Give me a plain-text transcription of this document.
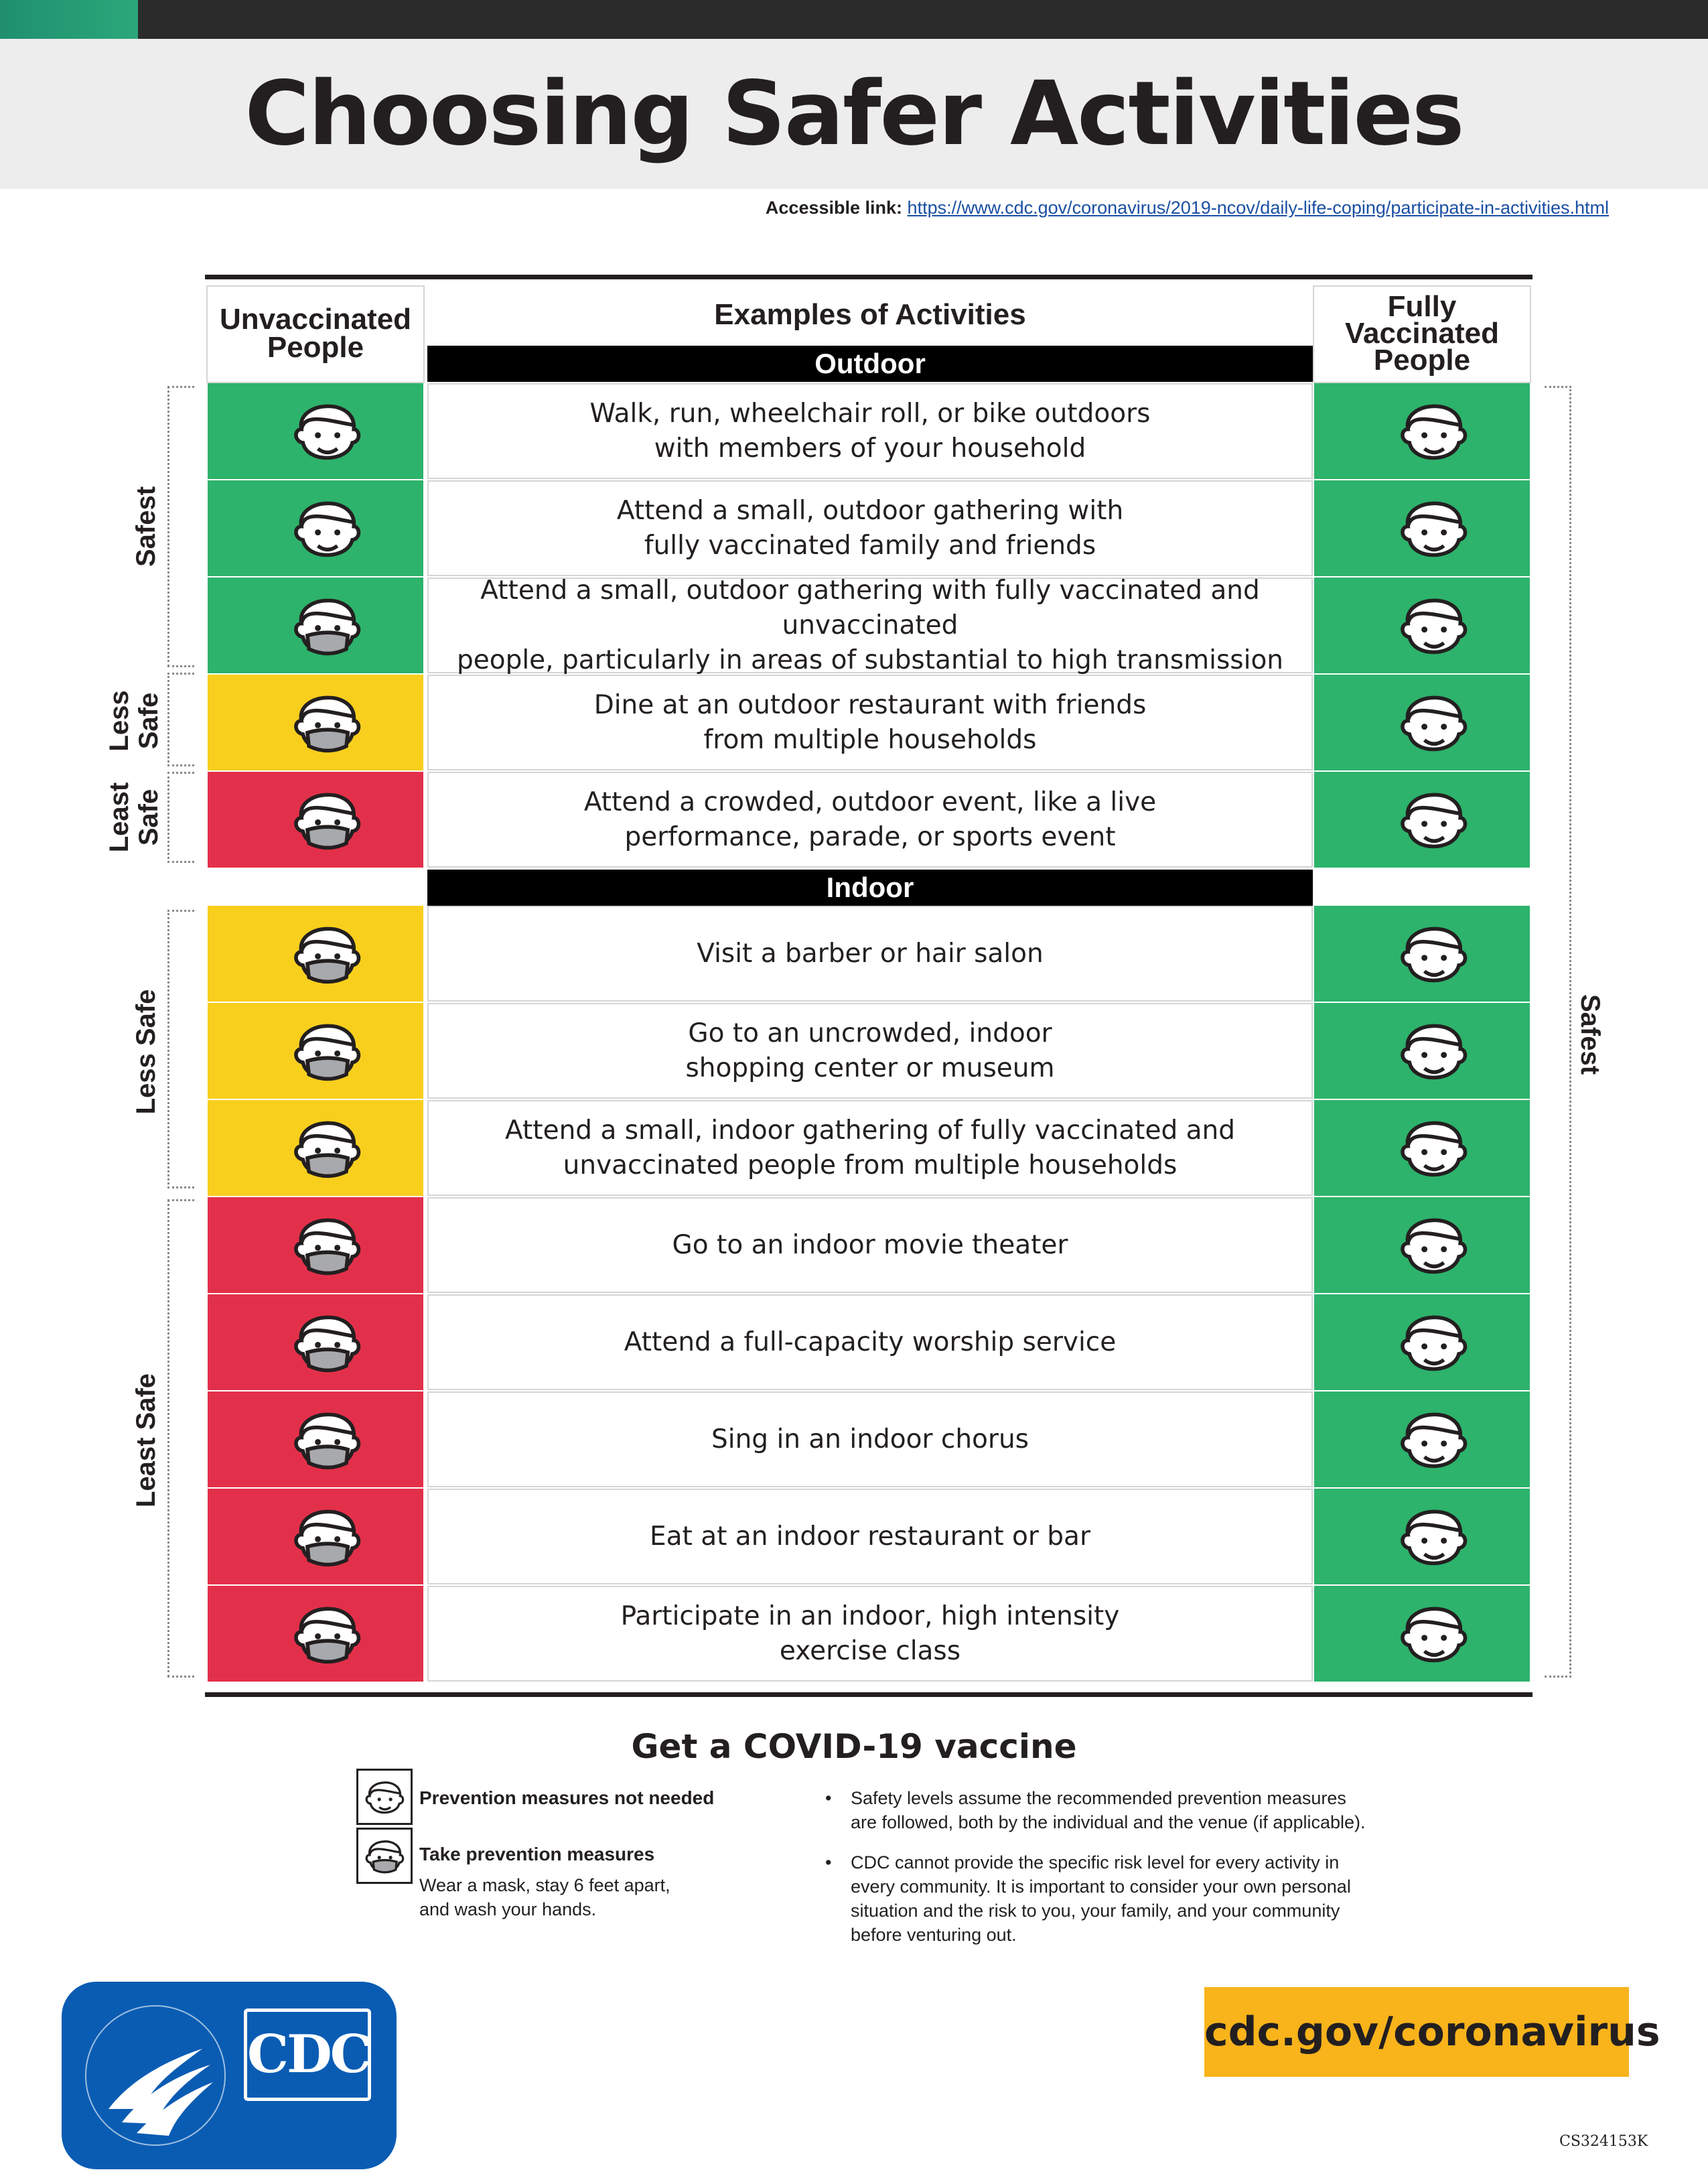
Choosing Safer Activities
Accessible link: https://www.cdc.gov/coronavirus/2019-ncov/daily-life-coping/participate-in-activities.html
Unvaccinated
People
Examples of Activities	Fully
Vaccinated
People
Outdoor
Walk, run, wheelchair roll, or bike outdoors
with members of your household
Attend a small, outdoor gathering with
fully vaccinated family and friends
Attend a small, outdoor gathering with fully vaccinated and unvaccinated
people, particularly in areas of substantial to high transmission
Dine at an outdoor restaurant with friends
from multiple households
Attend a crowded, outdoor event, like a live
performance, parade, or sports event
Indoor
Visit a barber or hair salon
Go to an uncrowded, indoor
shopping center or museum
Attend a small, indoor gathering of fully vaccinated and
unvaccinated people from multiple households
Go to an indoor movie theater
Attend a full-capacity worship service
Sing in an indoor chorus
Eat at an indoor restaurant or bar
Participate in an indoor, high intensity
exercise class
Safest
Less
Safe
Least
Safe
Less Safe
Least Safe
Safest
Get a COVID-19 vaccine
Prevention measures not needed
Take prevention measures
Wear a mask, stay 6 feet apart,
and wash your hands.
• Safety levels assume the recommended prevention measures
are followed, both by the individual and the venue (if applicable).
• CDC cannot provide the specific risk level for every activity in
every community. It is important to consider your own personal
situation and the risk to you, your family, and your community
before venturing out.
CDC	cdc.gov/coronavirus
CS324153K
